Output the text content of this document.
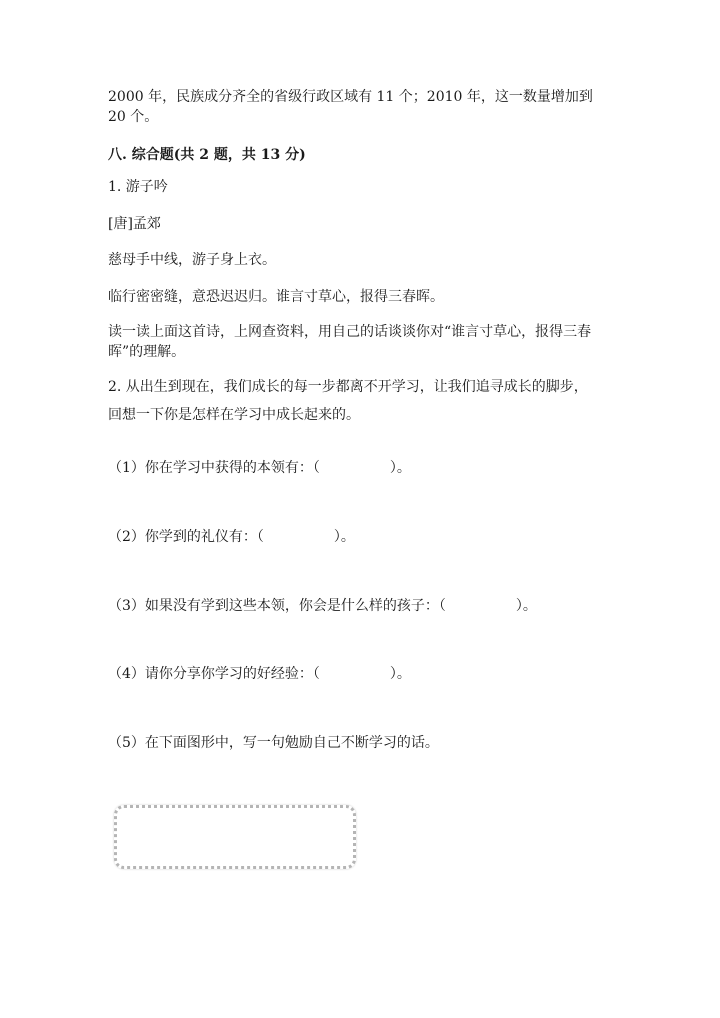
2000 年，民族成分齐全的省级行政区域有 11 个；2010 年，这一数量增加到 20 个。
八. 综合题(共 2 题，共 13 分)
1. 游子吟
[唐]孟郊
慈母手中线，游子身上衣。
临行密密缝，意恐迟迟归。谁言寸草心，报得三春晖。
读一读上面这首诗，上网查资料，用自己的话谈谈你对“谁言寸草心，报得三春晖”的理解。
2. 从出生到现在，我们成长的每一步都离不开学习，让我们追寻成长的脚步，
回想一下你是怎样在学习中成长起来的。
（1）你在学习中获得的本领有：（　　　　　）。
（2）你学到的礼仪有：（　　　　　）。
（3）如果没有学到这些本领，你会是什么样的孩子：（　　　　　）。
（4）请你分享你学习的好经验：（　　　　　）。
（5）在下面图形中，写一句勉励自己不断学习的话。
